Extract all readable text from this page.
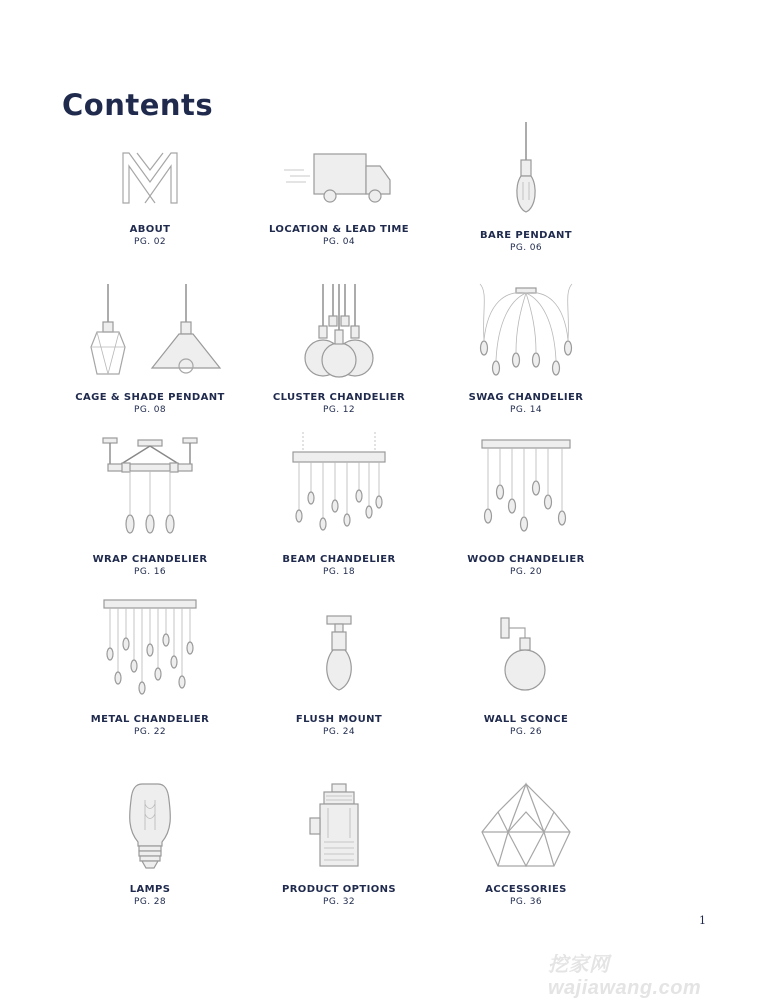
Contents
ABOUT
PG. 02
LOCATION & LEAD TIME
PG. 04
BARE PENDANT
PG. 06
CAGE & SHADE PENDANT
PG. 08
CLUSTER CHANDELIER
PG. 12
SWAG CHANDELIER
PG. 14
WRAP CHANDELIER
PG. 16
BEAM CHANDELIER
PG. 18
WOOD CHANDELIER
PG. 20
METAL CHANDELIER
PG. 22
FLUSH MOUNT
PG. 24
WALL SCONCE
PG. 26
LAMPS
PG. 28
PRODUCT OPTIONS
PG. 32
ACCESSORIES
PG. 36
1
挖家网 wajiawang.com
